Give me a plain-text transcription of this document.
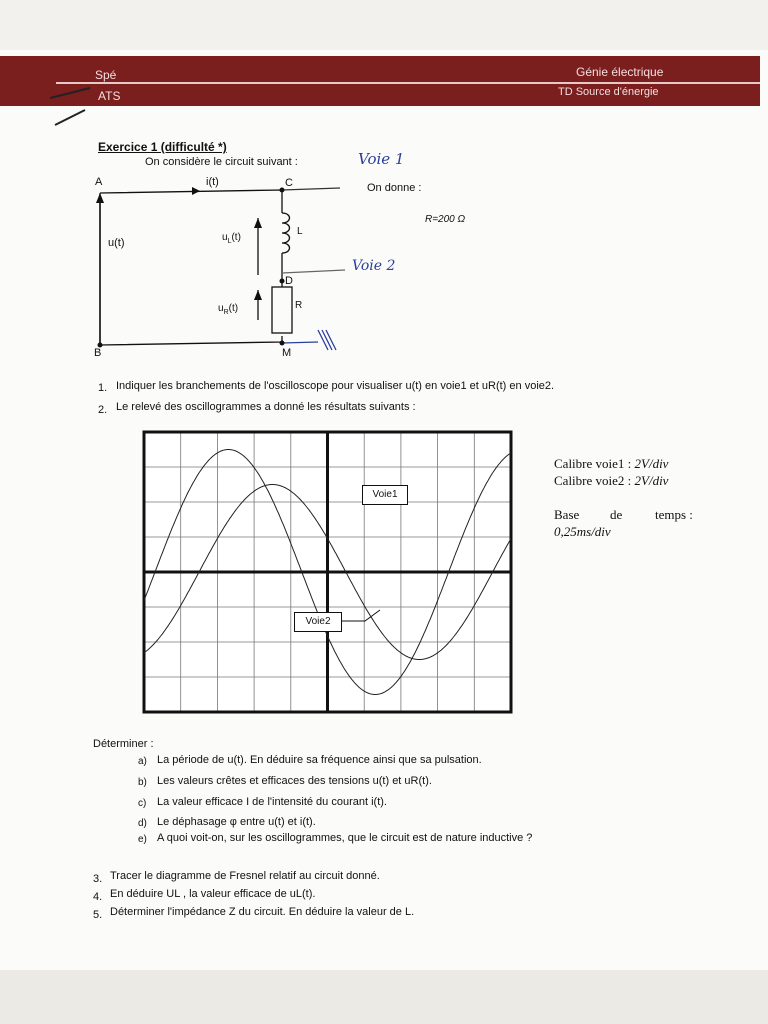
Spé
ATS
Génie électrique
TD Source d'énergie
Exercice 1 (difficulté *)
On considère le circuit suivant :
On donne :
R=200 Ω
Voie 1
Voie 2
A
B
C
D
M
i(t)
u(t)	$u_L(t)$
$u_R(t)$
L
R
1. Indiquer les branchements de l'oscilloscope pour visualiser u(t) en voie1 et uR(t) en voie2.
2. Le relevé des oscillogrammes a donné les résultats suivants :
Voie1
Voie2
Calibre voie1 : 2V/div
Calibre voie2 : 2V/div
Base de	temps :
0,25ms/div
Déterminer :
a) La période de u(t). En déduire sa fréquence ainsi que sa pulsation.
b) Les valeurs crêtes et efficaces des tensions u(t) et uR(t).
c) La valeur efficace I de l'intensité du courant i(t).
d) Le déphasage φ entre u(t) et i(t).
e) A quoi voit-on, sur les oscillogrammes, que le circuit est de nature inductive ?
3. Tracer le diagramme de Fresnel relatif au circuit donné.
4. En déduire UL , la valeur efficace de uL(t).
5. Déterminer l'impédance Z du circuit. En déduire la valeur de L.
